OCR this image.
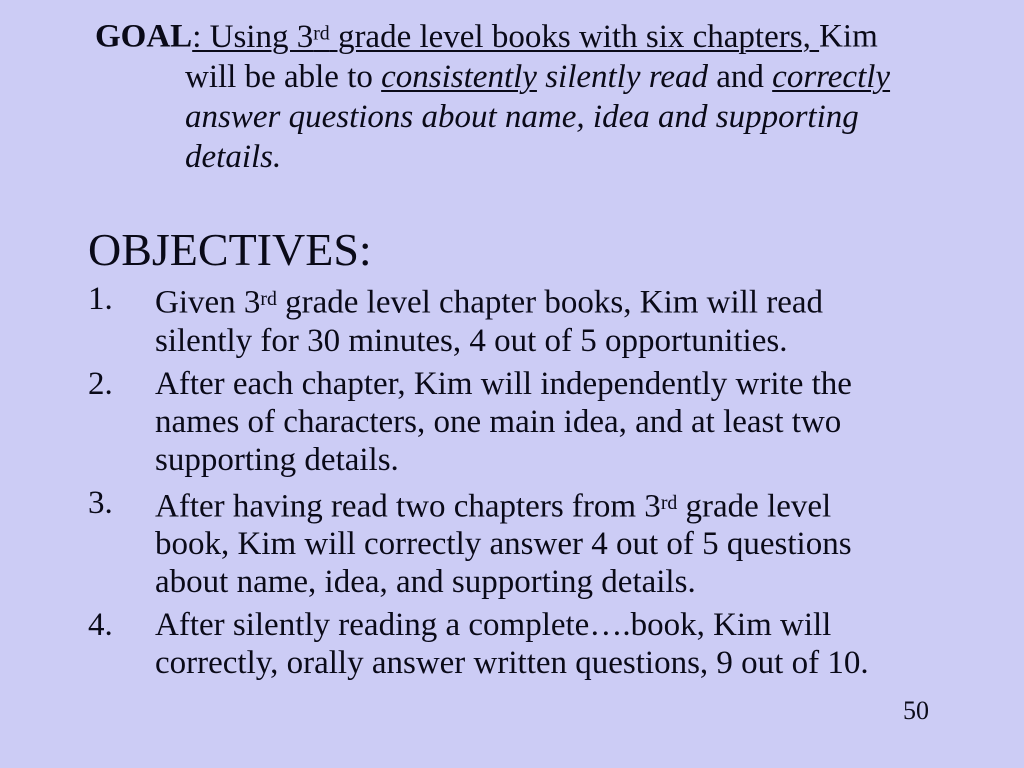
GOAL: Using 3rd grade level books with six chapters, Kim
will be able to consistently silently read and correctly
answer questions about name, idea and supporting
details.
OBJECTIVES:
1.	Given 3rd grade level chapter books, Kim will read
silently for 30 minutes, 4 out of 5 opportunities.
2.	After each chapter, Kim will independently write the
names of characters, one main idea, and at least two
supporting details.
3.	After having read two chapters from 3rd grade level
book, Kim will correctly answer 4 out of 5 questions
about name, idea, and supporting details.
4.	After silently reading a complete….book, Kim will
correctly, orally answer written questions, 9 out of 10.
50
